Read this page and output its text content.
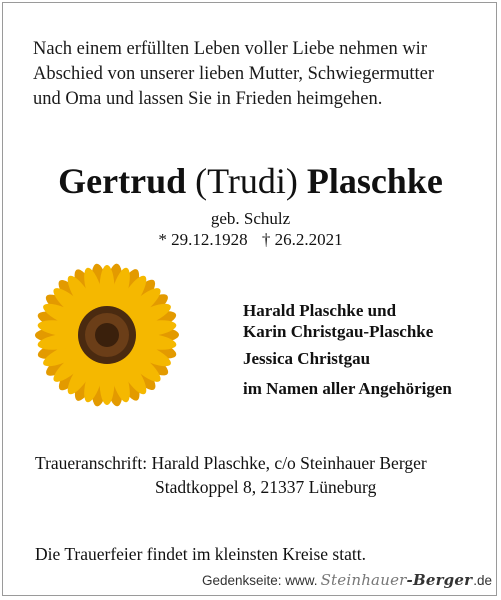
Nach einem erfüllten Leben voller Liebe nehmen wir
Abschied von unserer lieben Mutter, Schwiegermutter
und Oma und lassen Sie in Frieden heimgehen.
Gertrud (Trudi) Plaschke
geb. Schulz
* 29.12.1928 † 26.2.2021
Harald Plaschke und
Karin Christgau-Plaschke
Jessica Christgau
im Namen aller Angehörigen
Traueranschrift: Harald Plaschke, c/o Steinhauer Berger
Stadtkoppel 8, 21337 Lüneburg
Die Trauerfeier findet im kleinsten Kreise statt.
Gedenkseite: www. Steinhauer-Berger .de
